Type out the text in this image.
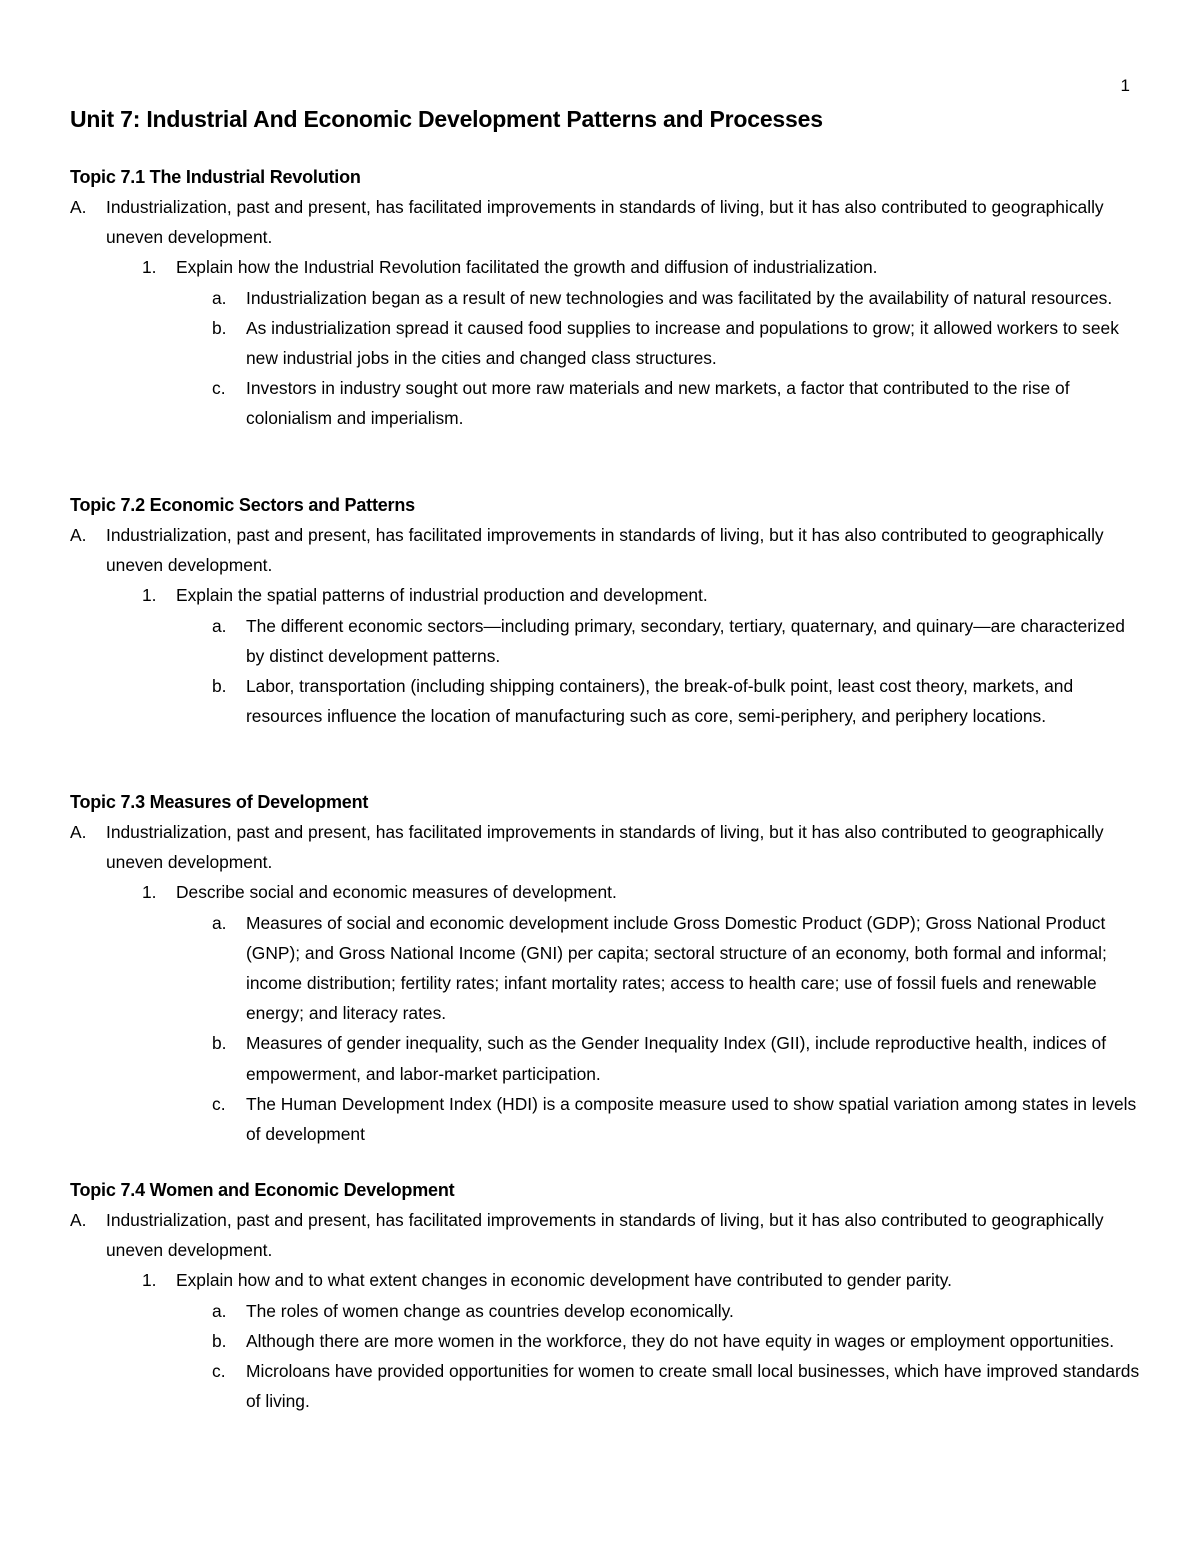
1
Unit 7: Industrial And Economic Development Patterns and Processes
Topic 7.1 The Industrial Revolution
A. Industrialization, past and present, has facilitated improvements in standards of living, but it has also contributed to geographically uneven development.
1. Explain how the Industrial Revolution facilitated the growth and diffusion of industrialization.
a. Industrialization began as a result of new technologies and was facilitated by the availability of natural resources.
b. As industrialization spread it caused food supplies to increase and populations to grow; it allowed workers to seek new industrial jobs in the cities and changed class structures.
c. Investors in industry sought out more raw materials and new markets, a factor that contributed to the rise of colonialism and imperialism.
Topic 7.2 Economic Sectors and Patterns
A. Industrialization, past and present, has facilitated improvements in standards of living, but it has also contributed to geographically uneven development.
1. Explain the spatial patterns of industrial production and development.
a. The different economic sectors—including primary, secondary, tertiary, quaternary, and quinary—are characterized by distinct development patterns.
b. Labor, transportation (including shipping containers), the break-of-bulk point, least cost theory, markets, and resources influence the location of manufacturing such as core, semi-periphery, and periphery locations.
Topic 7.3 Measures of Development
A. Industrialization, past and present, has facilitated improvements in standards of living, but it has also contributed to geographically uneven development.
1. Describe social and economic measures of development.
a. Measures of social and economic development include Gross Domestic Product (GDP); Gross National Product (GNP); and Gross National Income (GNI) per capita; sectoral structure of an economy, both formal and informal; income distribution; fertility rates; infant mortality rates; access to health care; use of fossil fuels and renewable energy; and literacy rates.
b. Measures of gender inequality, such as the Gender Inequality Index (GII), include reproductive health, indices of empowerment, and labor-market participation.
c. The Human Development Index (HDI) is a composite measure used to show spatial variation among states in levels of development
Topic 7.4 Women and Economic Development
A. Industrialization, past and present, has facilitated improvements in standards of living, but it has also contributed to geographically uneven development.
1. Explain how and to what extent changes in economic development have contributed to gender parity.
a. The roles of women change as countries develop economically.
b. Although there are more women in the workforce, they do not have equity in wages or employment opportunities.
c. Microloans have provided opportunities for women to create small local businesses, which have improved standards of living.
